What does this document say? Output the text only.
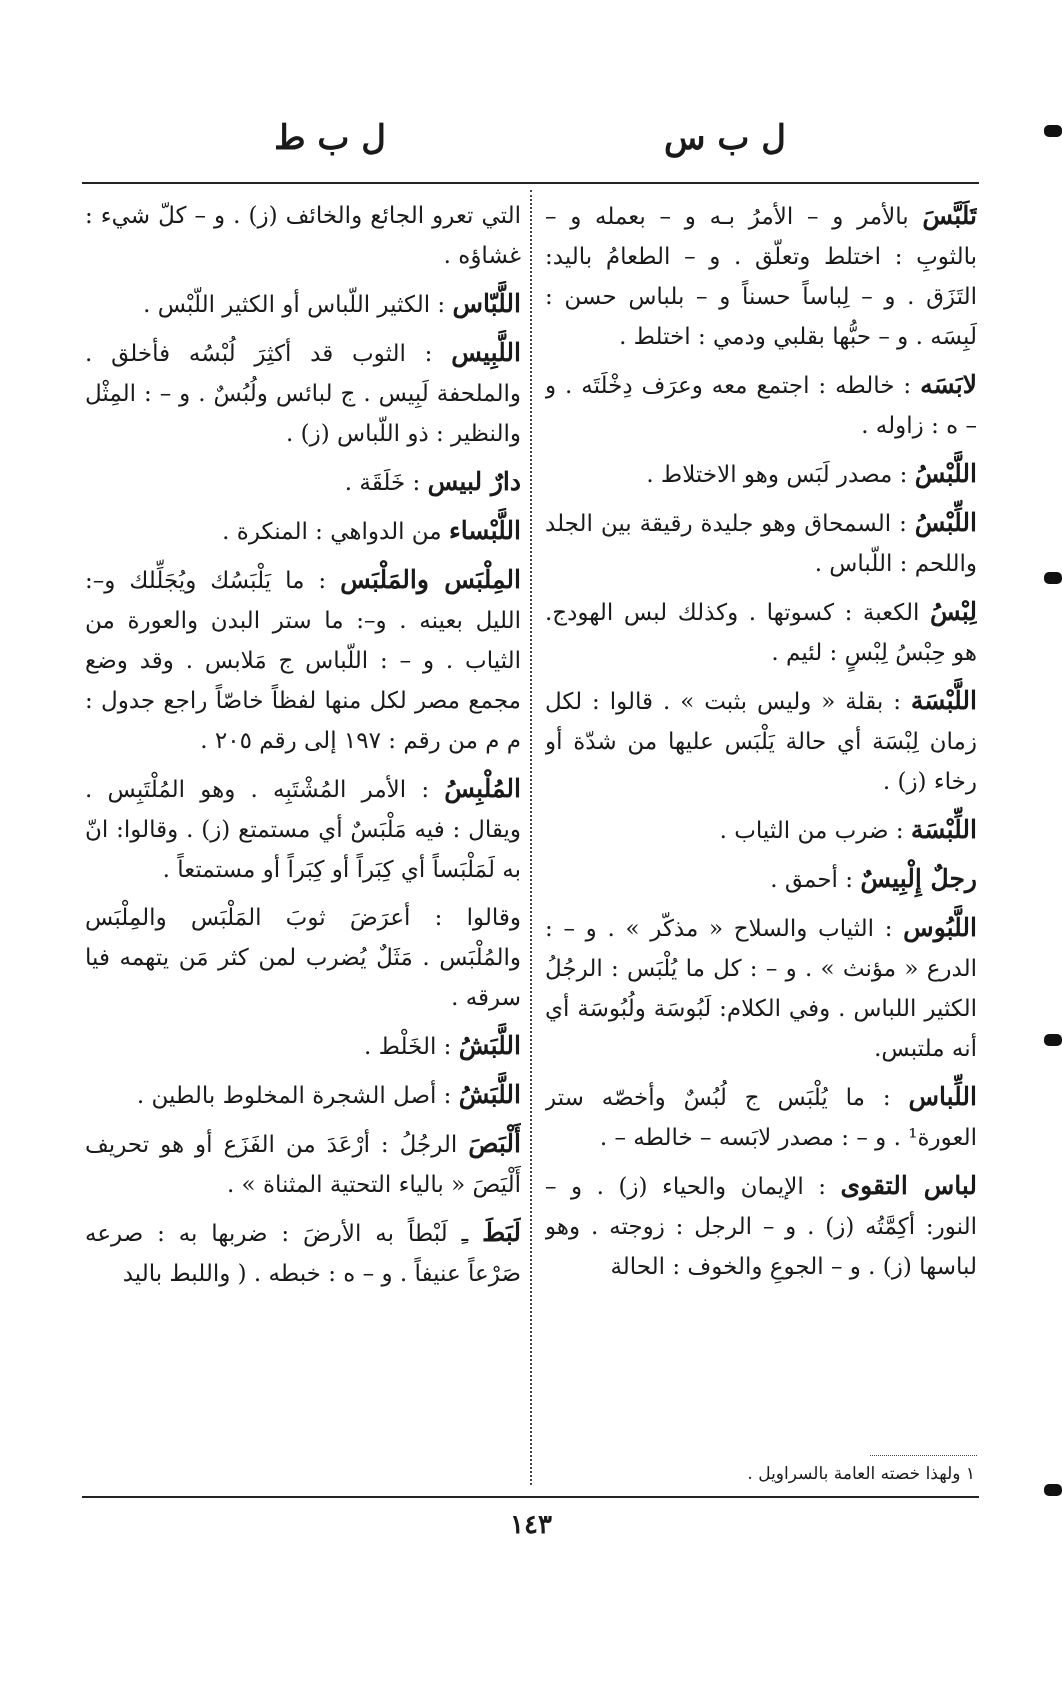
ل ب س
ل ب ط

تَلَبَّسَ بالأمر و – الأمرُ بـه و – بعمله و – بالثوبِ : اختلط وتعلّق . و – الطعامُ باليد: التَزَق . و – لِباساً حسناً و – بلباس حسن : لَبِسَه . و – حبُّها بقلبي ودمي : اختلط .

لابَسَه : خالطه : اجتمع معه وعرَف دِخْلَتَه . و – ه : زاوله .

اللَّبْسُ : مصدر لَبَس وهو الاختلاط .

اللِّبْسُ : السمحاق وهو جليدة رقيقة بين الجلد واللحم : اللّباس .

لِبْسُ الكعبة : كسوتها . وكذلك لبس الهودج. هو حِبْسُ لِبْسٍ : لئيم .

اللَّبْسَة : بقلة « وليس بثبت » . قالوا : لكل زمان لِبْسَة أي حالة يَلْبَس عليها من شدّة أو رخاء (ز) .

اللِّبْسَة : ضرب من الثياب .

رجلٌ إِلْبِيسٌ : أحمق .

اللَّبُوس : الثياب والسلاح « مذكّر » . و – : الدرع « مؤنث » . و – : كل ما يُلْبَس : الرجُلُ الكثير اللباس . وفي الكلام: لَبُوسَة ولُبُوسَة أي أنه ملتبس.

اللِّباس : ما يُلْبَس ج لُبُسٌ وأخصّه ستر العورة¹ . و – : مصدر لابَسه – خالطه – .

لباس التقوى : الإيمان والحياء (ز) . و – النور: أكِمَّتُه (ز) . و – الرجل : زوجته . وهو لباسها (ز) . و – الجوعِ والخوف : الحالة

التي تعرو الجائع والخائف (ز) . و – كلّ شيء : غشاؤه .

اللَّبّاس : الكثير اللّباس أو الكثير اللّبْس .

اللَّبِيس : الثوب قد أكثِرَ لُبْسُه فأخلق . والملحفة لَبِيس . ج لبائس ولُبُسٌ . و – : المِثْل والنظير : ذو اللّباس (ز) .

دارٌ لبيس : خَلَقَة .

اللَّبْساء من الدواهي : المنكرة .

المِلْبَس والمَلْبَس : ما يَلْبَسُك ويُجَلِّلك و–: الليل بعينه . و–: ما ستر البدن والعورة من الثياب . و – : اللّباس ج مَلابس . وقد وضع مجمع مصر لكل منها لفظاً خاصّاً راجع جدول : م م من رقم : ١٩٧ إلى رقم ٢٠٥ .

المُلْبِسُ : الأمر المُشْتَبِه . وهو المُلْتَبِس . ويقال : فيه مَلْبَسٌ أي مستمتع (ز) . وقالوا: انّ به لَمَلْبَساً أي كِبَراً أو كِبَراً أو مستمتعاً .

وقالوا : أعرَضَ ثوبَ المَلْبَس والمِلْبَس والمُلْبَس . مَثَلٌ يُضرب لمن كثر مَن يتهمه فيا سرقه .

اللَّبَشُ : الخَلْط .

اللَّبَشُ : أصل الشجرة المخلوط بالطين .

أَلْبَصَ الرجُلُ : أرْعَدَ من الفَزَع أو هو تحريف أَلْيَصَ « بالياء التحتية المثناة » .

لَبَطَ ـِ لَبْطاً به الأرضَ : ضربها به : صرعه صَرْعاً عنيفاً . و – ه : خبطه . ( واللبط باليد

١ ولهذا خصته العامة بالسراويل .
١٤٣
